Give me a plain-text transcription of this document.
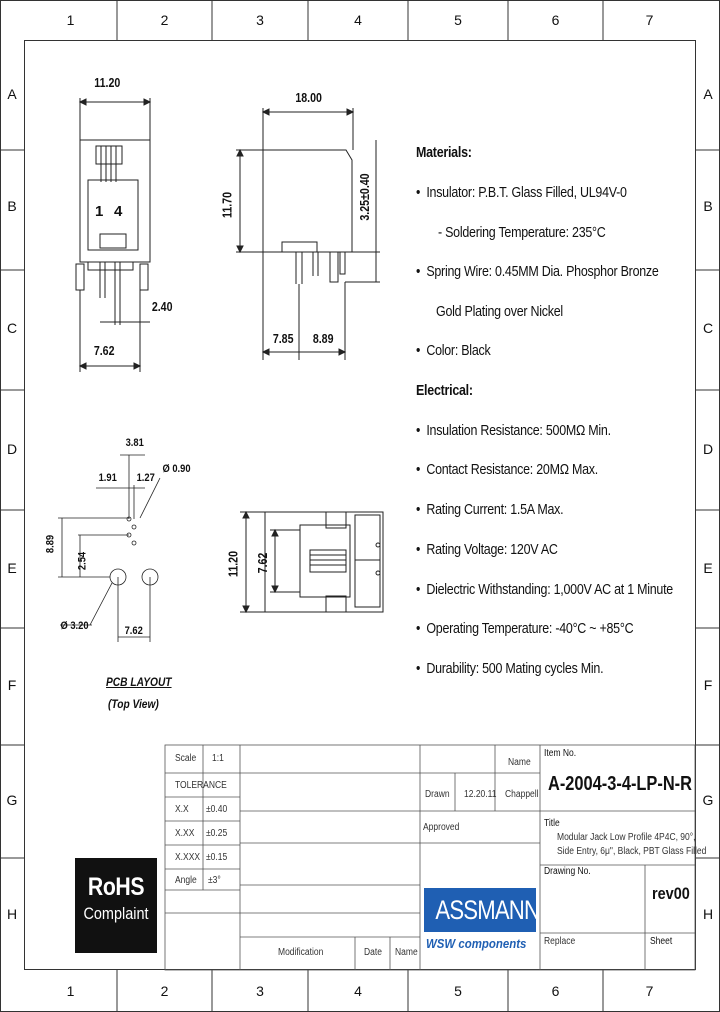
1	2	3	4	5	6	7
1	2	3	4	5	6	7
A
B
C
D
E
F
G
H
A
B
C
D
E
F
G
H
11.20
1 4
2.40
7.62
18.00
11.70	3.25±0.40
7.85 8.89
3.81
1.91 1.27
Ø 0.90
8.89
2.54
Ø 3.20	7.62
PCB LAYOUT
(Top View)
11.20 7.62
Materials:
• Insulator: P.B.T. Glass Filled, UL94V-0
- Soldering Temperature: 235°C
• Spring Wire: 0.45MM Dia. Phosphor Bronze
Gold Plating over Nickel
• Color: Black
Electrical:
• Insulation Resistance: 500MΩ Min.
• Contact Resistance: 20MΩ Max.
• Rating Current: 1.5A Max.
• Rating Voltage: 120V AC
• Dielectric Withstanding: 1,000V AC at 1 Minute
• Operating Temperature: -40°C ~ +85°C
• Durability: 500 Mating cycles Min.
RoHS
Complaint
Scale 1:1
TOLERANCE
X.X ±0.40
X.XX ±0.25
X.XXX ±0.15
Angle ±3°
Name
Drawn 12.20.11 Chappell
Approved
Item No.
A-2004-3-4-LP-N-R
Title
Modular Jack Low Profile 4P4C, 90°,
Side Entry, 6μ", Black, PBT Glass Filled
Drawing No.
rev00
Replace	Sheet
Modification	Date Name
ASSMANN
WSW components
